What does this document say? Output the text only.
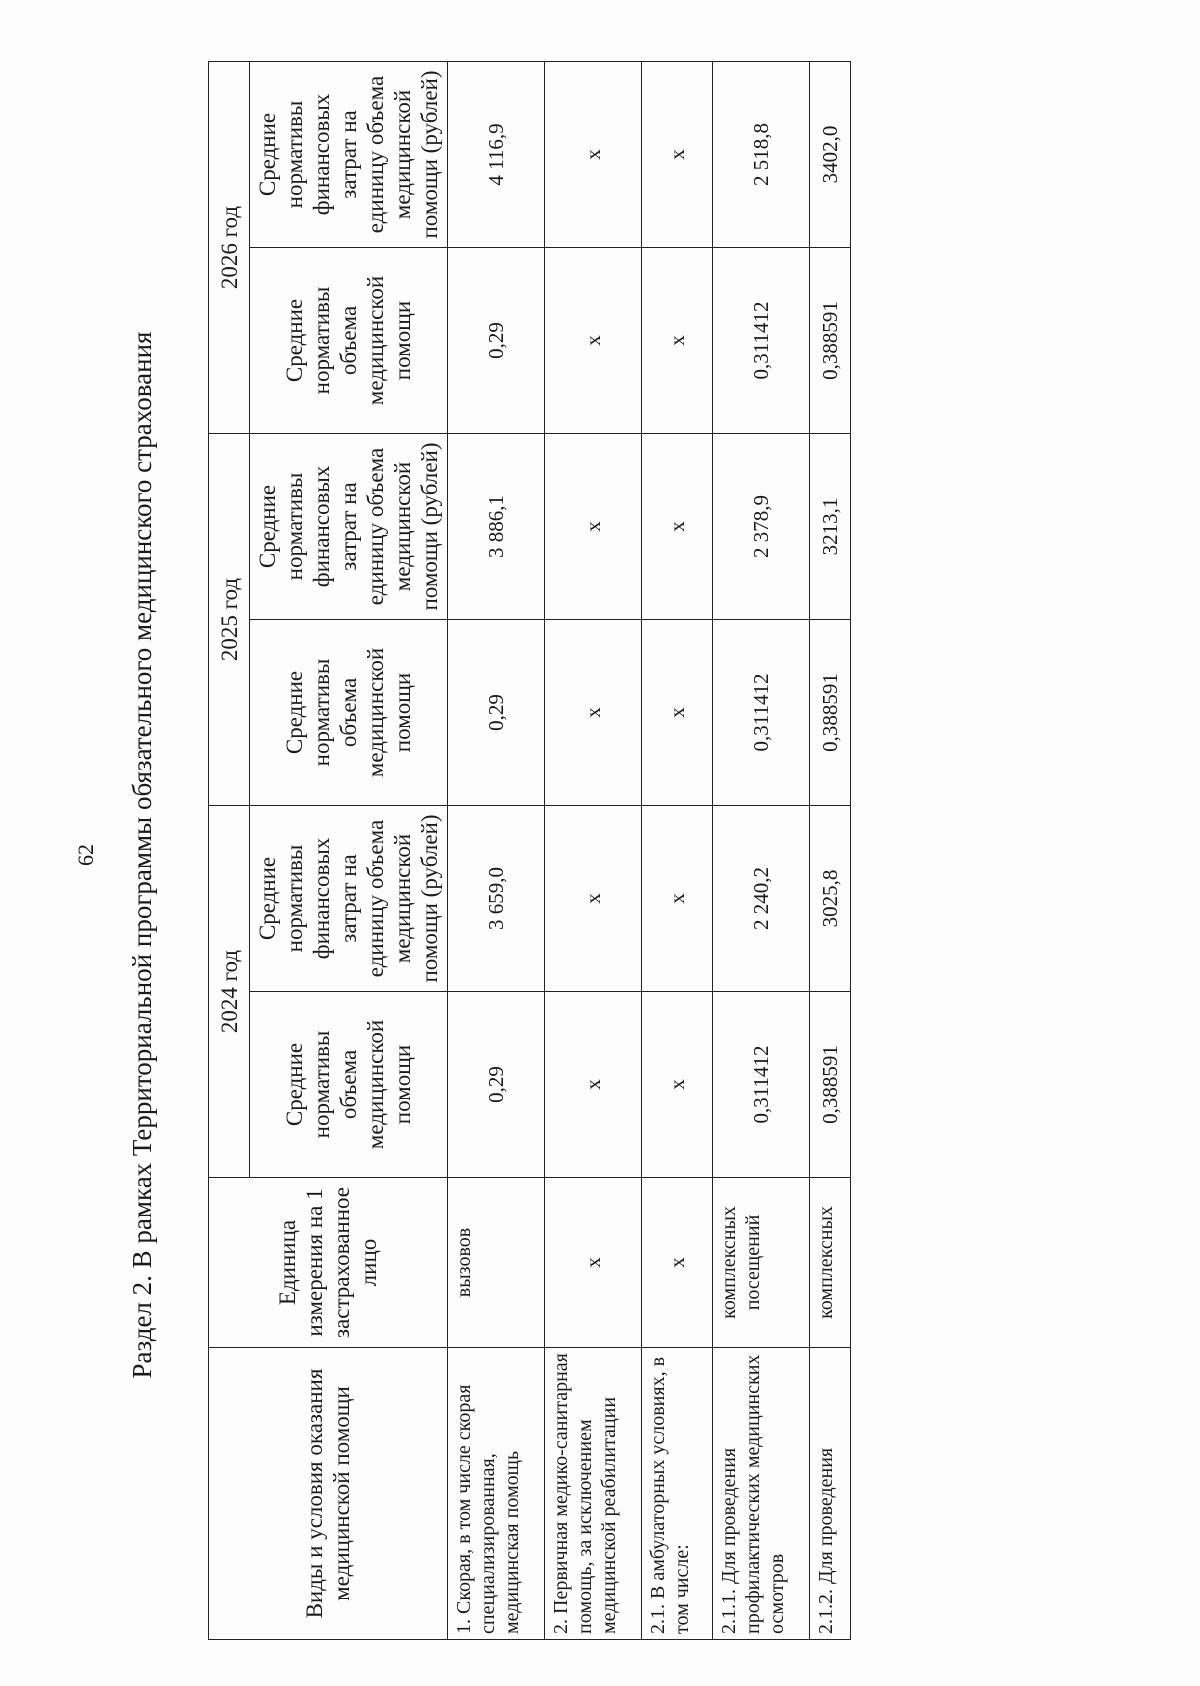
62 Раздел 2. В рамках Территориальной программы обязательного медицинского страхования
Виды и условия оказания медицинской помощи	Единица измерения на 1 застрахованное лицо	2024 год		2025 год		2026 год	
		Средние нормативы объема медицинской помощи	Средние нормативы финансовых затрат на единицу объема медицинской помощи (рублей)	Средние нормативы объема медицинской помощи	Средние нормативы финансовых затрат на единицу объема медицинской помощи (рублей)	Средние нормативы объема медицинской помощи	Средние нормативы финансовых затрат на единицу объема медицинской помощи (рублей)
1. Скорая, в том числе скорая специализированная, медицинская помощь	вызовов	0,29	3 659,0	0,29	3 886,1	0,29	4 116,9
2. Первичная медико-санитарная помощь, за исключением медицинской реабилитации	х	х	х	х	х	х	х
2.1. В амбулаторных условиях, в том числе:	х	х	х	х	х	х	х
2.1.1. Для проведения профилактических медицинских осмотров	комплексных посещений	0,311412	2 240,2	0,311412	2 378,9	0,311412	2 518,8
2.1.2. Для проведения	комплексных	0,388591	3025,8	0,388591	3213,1	0,388591	3402,0
